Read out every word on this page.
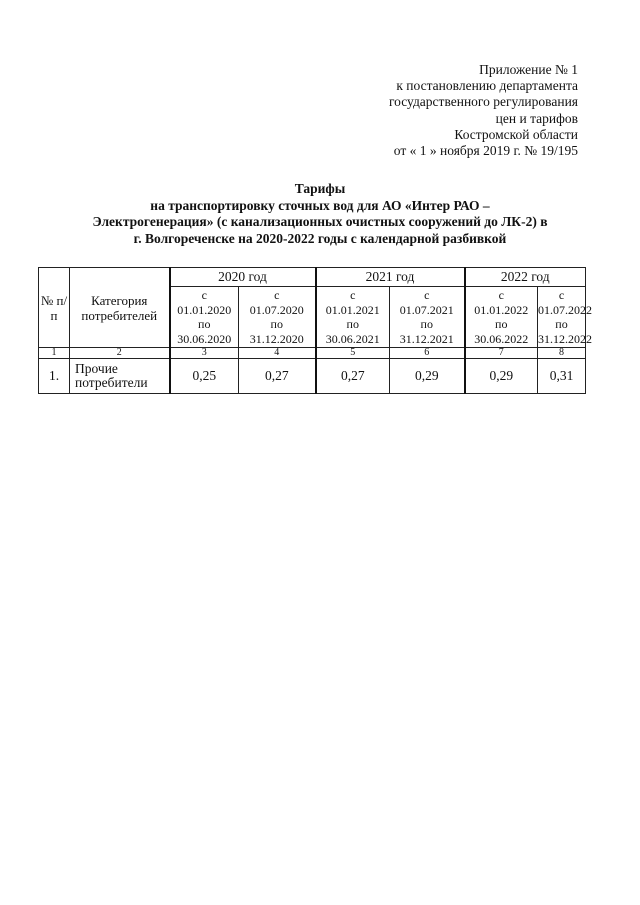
Приложение № 1
к постановлению департамента
государственного регулирования
цен и тарифов
Костромской области
от « 1 » ноября 2019 г. № 19/195
Тарифы
на транспортировку сточных вод для АО «Интер РАО –
Электрогенерация» (с канализационных очистных сооружений до ЛК-2) в
г. Волгореченске на 2020-2022 годы с календарной разбивкой
№ п/п	Категория потребителей	2020 год		2021 год		2022 год	

		с
01.01.2020
по
30.06.2020	с
01.07.2020
по
31.12.2020	с
01.01.2021
по
30.06.2021	с
01.07.2021
по
31.12.2021	с
01.01.2022
по
30.06.2022	с
01.07.2022
по
31.12.2022

1	2	3	4	5	6	7	8
1.	Прочие потребители	0,25	0,27	0,27	0,29	0,29	0,31
